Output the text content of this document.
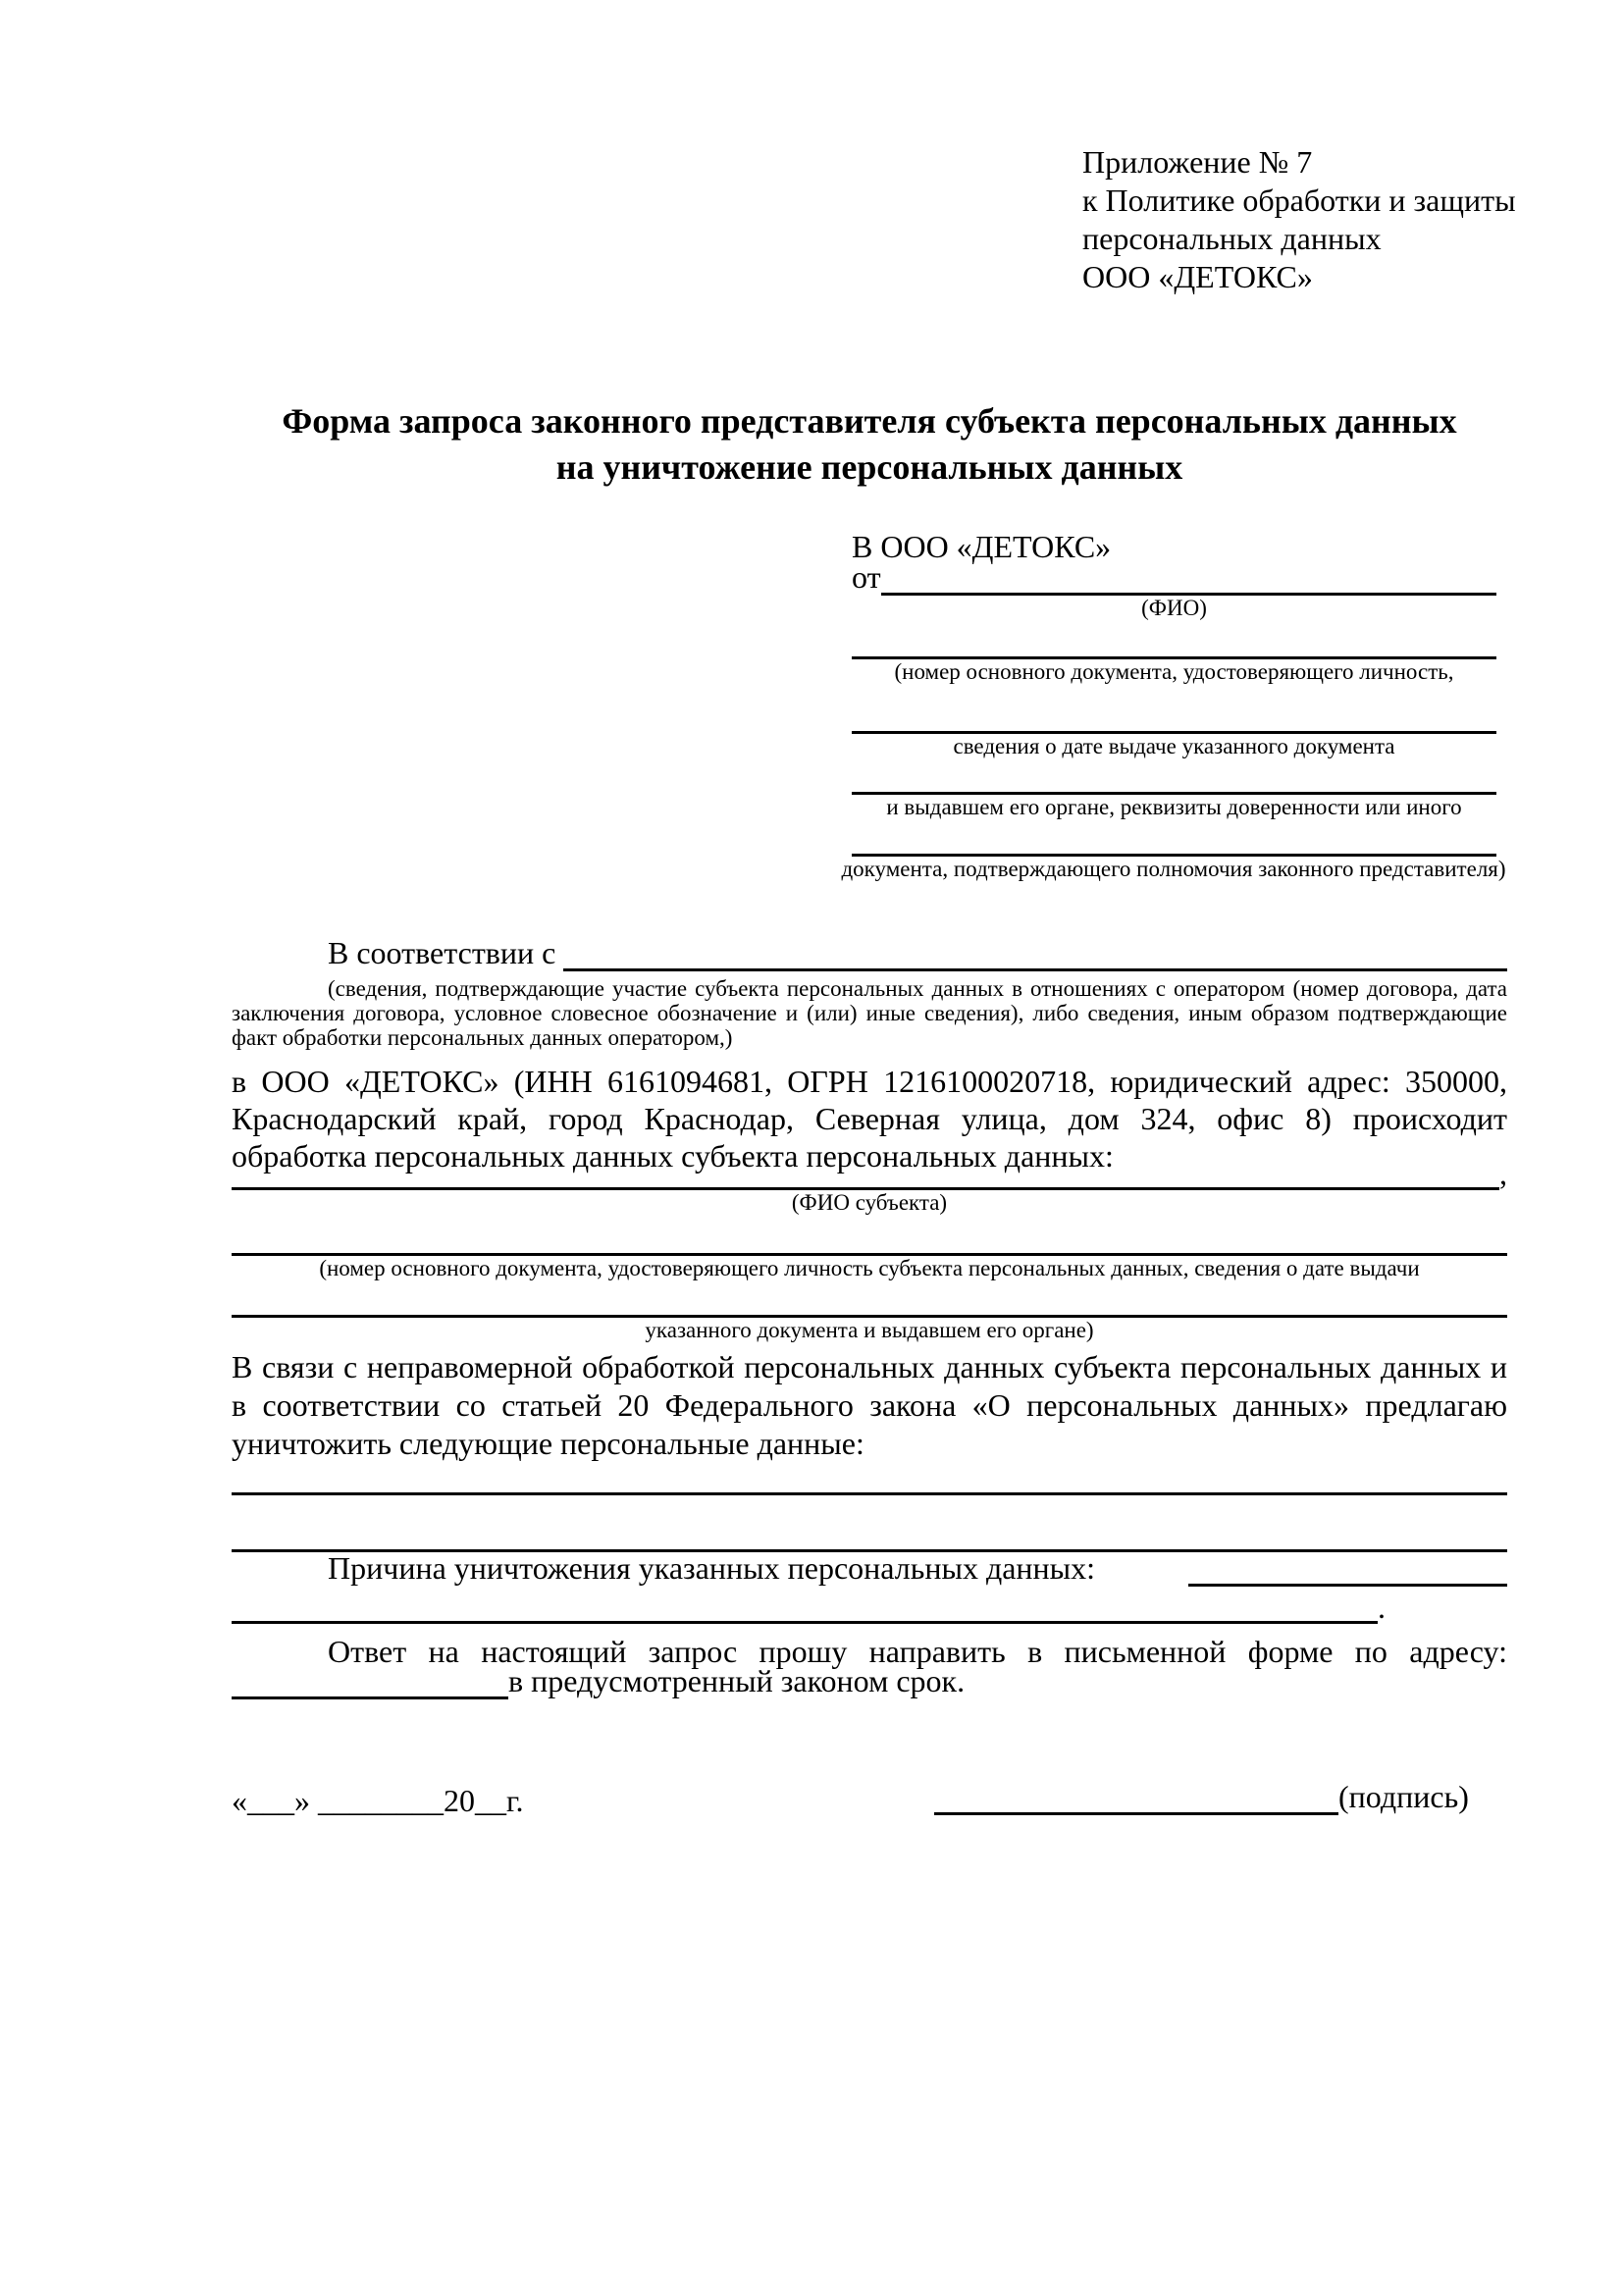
Приложение № 7
к Политике обработки и защиты
персональных данных
ООО «ДЕТОКС»
Форма запроса законного представителя субъекта персональных данных
на уничтожение персональных данных
В ООО «ДЕТОКС»
от
(ФИО)
(номер основного документа, удостоверяющего личность,
сведения о дате выдаче указанного документа
и выдавшем его органе, реквизиты доверенности или иного
документа, подтверждающего полномочия законного представителя)
В соответствии с
(сведения, подтверждающие участие субъекта персональных данных в отношениях с оператором (номер договора, дата заключения договора, условное словесное обозначение и (или) иные сведения), либо сведения, иным образом подтверждающие факт обработки персональных данных оператором,)
в ООО «ДЕТОКС» (ИНН 6161094681, ОГРН 1216100020718, юридический адрес: 350000, Краснодарский край, город Краснодар, Северная улица, дом 324, офис 8) происходит обработка персональных данных субъекта персональных данных:	,
(ФИО субъекта)
(номер основного документа, удостоверяющего личность субъекта персональных данных, сведения о дате выдачи
указанного документа и выдавшем его органе)
В связи с неправомерной обработкой персональных данных субъекта персональных данных и в соответствии со статьей 20 Федерального закона «О персональных данных» предлагаю уничтожить следующие персональные данные:
Причина уничтожения указанных персональных данных:
.
Ответ на настоящий запрос прошу направить в письменной форме по адресу:
в предусмотренный законом срок.
«___» ________20__г.	(подпись)
